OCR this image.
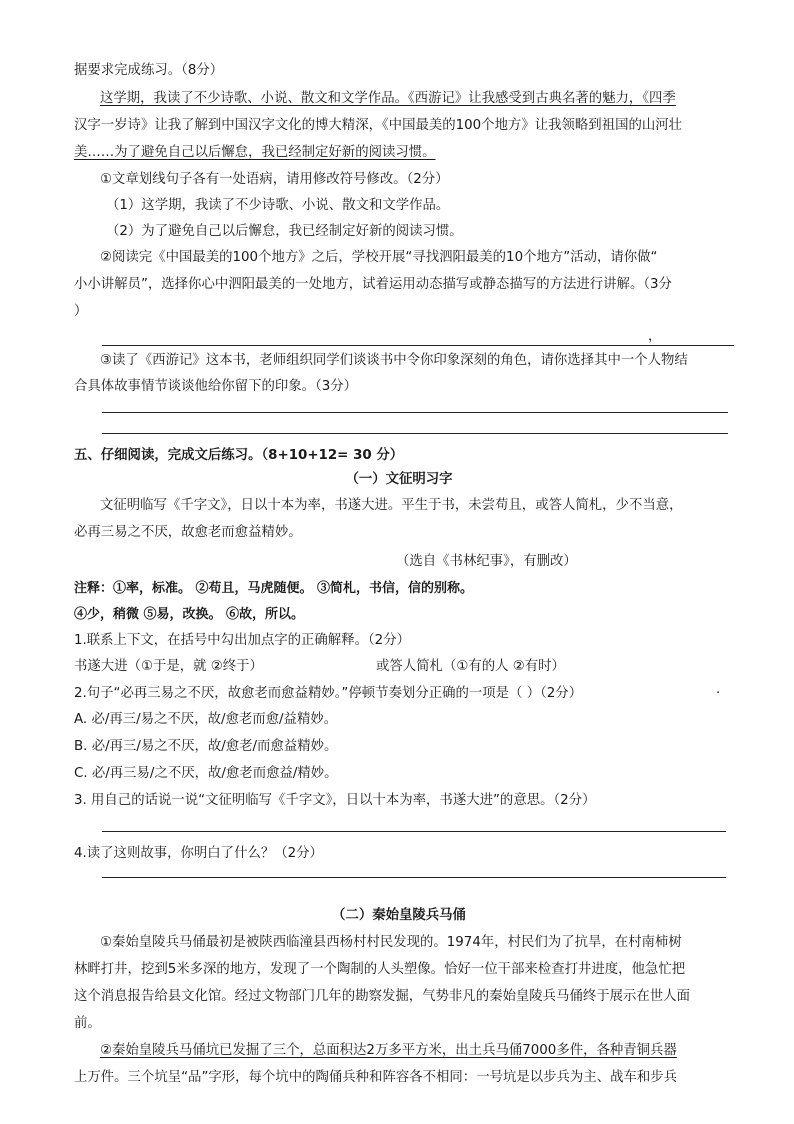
据要求完成练习。（8分）
这学期，我读了不少诗歌、小说、散文和文学作品。《西游记》让我感受到古典名著的魅力，《四季
汉字一岁诗》让我了解到中国汉字文化的博大精深，《中国最美的100个地方》让我领略到祖国的山河壮
美……为了避免自己以后懈怠，我已经制定好新的阅读习惯。
①文章划线句子各有一处语病，请用修改符号修改。（2分）
（1）这学期，我读了不少诗歌、小说、散文和文学作品。
（2）为了避免自己以后懈怠，我已经制定好新的阅读习惯。
②阅读完《中国最美的100个地方》之后，学校开展“寻找泗阳最美的10个地方”活动，请你做“
小小讲解员”，选择你心中泗阳最美的一处地方，试着运用动态描写或静态描写的方法进行讲解。（3分
）
，
③读了《西游记》这本书，老师组织同学们谈谈书中令你印象深刻的角色，请你选择其中一个人物结
合具体故事情节谈谈他给你留下的印象。（3分）
五、仔细阅读，完成文后练习。（8+10+12= 30 分）
（一）文征明习字
文征明临写《千字文》，日以十本为率，书遂大进。平生于书，未尝苟且，或答人简札，少不当意，
必再三易之不厌，故愈老而愈益精妙。
（选自《书林纪事》，有删改）
注释：①率，标准。 ②苟且，马虎随便。 ③简札，书信，信的别称。
④少，稍微 ⑤易，改换。 ⑥故，所以。
1.联系上下文，在括号中勾出加点字的正确解释。（2分）
书遂大进（①于是，就 ②终于）	或答人简札（①有的人 ②有时）
2.句子“必再三易之不厌，故愈老而愈益精妙。”停顿节奏划分正确的一项是（ ）（2分）	·
A. 必/再三/易之不厌，故/愈老而愈/益精妙。
B. 必/再三/易之不厌，故/愈老/而愈益精妙。
C. 必/再三易/之不厌，故/愈老而愈益/精妙。
3. 用自己的话说一说“文征明临写《千字文》，日以十本为率，书遂大进”的意思。（2分）
4.读了这则故事，你明白了什么？（2分）
（二）秦始皇陵兵马俑
①秦始皇陵兵马俑最初是被陕西临潼县西杨村村民发现的。1974年，村民们为了抗旱，在村南柿树
林畔打井，挖到5米多深的地方，发现了一个陶制的人头塑像。恰好一位干部来检查打井进度，他急忙把
这个消息报告给县文化馆。经过文物部门几年的勘察发掘，气势非凡的秦始皇陵兵马俑终于展示在世人面
前。
②秦始皇陵兵马俑坑已发掘了三个，总面积达2万多平方米，出土兵马俑7000多件，各种青铜兵器
上万件。三个坑呈“品”字形，每个坑中的陶俑兵种和阵容各不相同：一号坑是以步兵为主、战车和步兵
